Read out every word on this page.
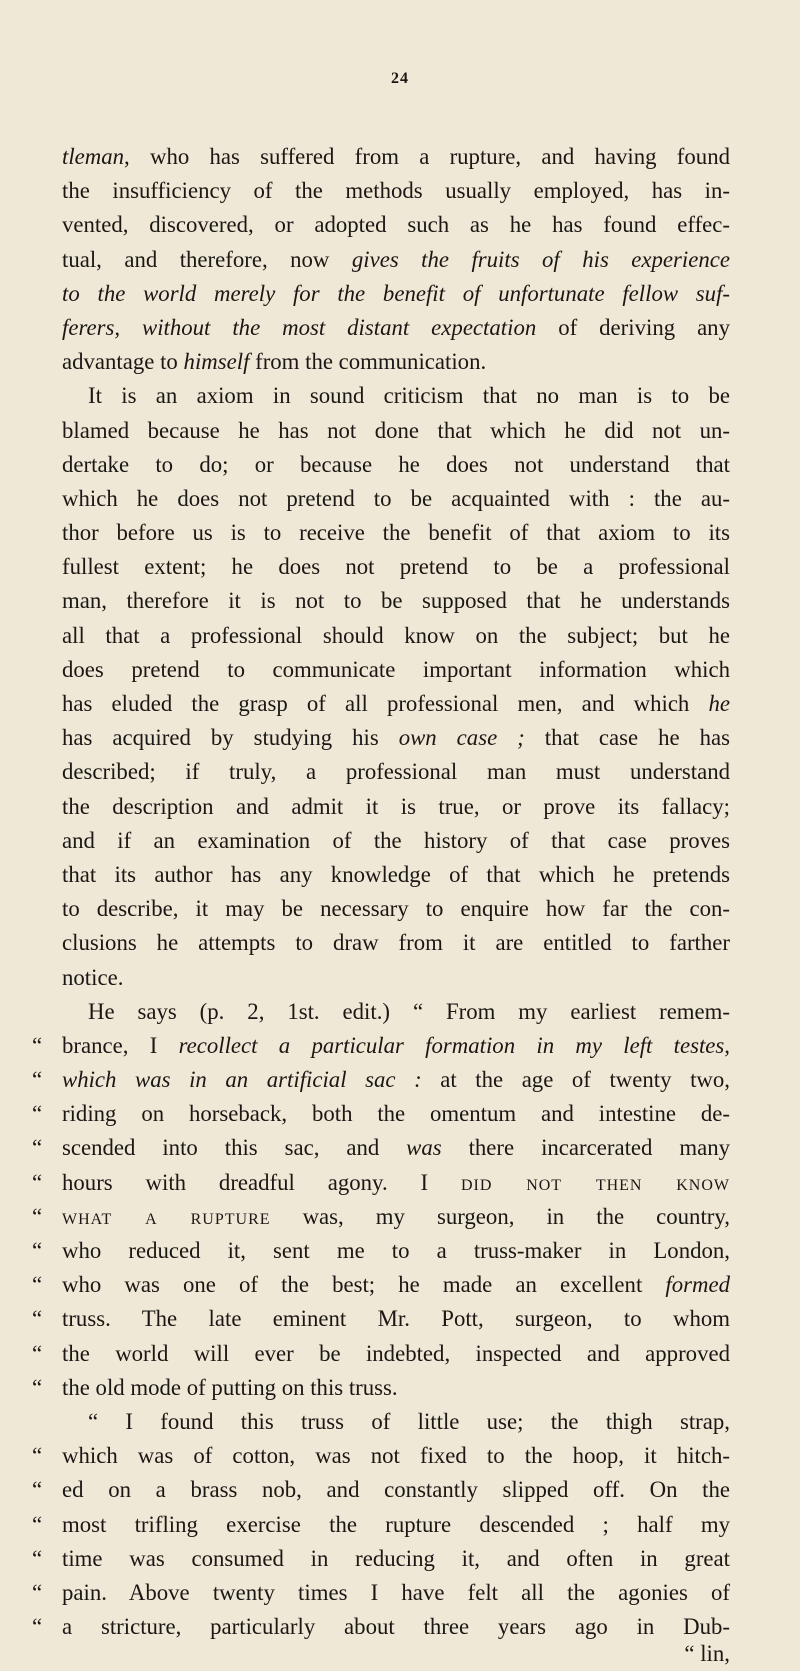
24
tleman, who has suffered from a rupture, and having found
the insufficiency of the methods usually employed, has in-
vented, discovered, or adopted such as he has found effec-
tual, and therefore, now gives the fruits of his experience
to the world merely for the benefit of unfortunate fellow suf-
ferers, without the most distant expectation of deriving any
advantage to himself from the communication.
It is an axiom in sound criticism that no man is to be
blamed because he has not done that which he did not un-
dertake to do; or because he does not understand that
which he does not pretend to be acquainted with : the au-
thor before us is to receive the benefit of that axiom to its
fullest extent; he does not pretend to be a professional
man, therefore it is not to be supposed that he understands
all that a professional should know on the subject; but he
does pretend to communicate important information which
has eluded the grasp of all professional men, and which he
has acquired by studying his own case ; that case he has
described; if truly, a professional man must understand
the description and admit it is true, or prove its fallacy;
and if an examination of the history of that case proves
that its author has any knowledge of that which he pretends
to describe, it may be necessary to enquire how far the con-
clusions he attempts to draw from it are entitled to farther
notice.
He says (p. 2, 1st. edit.) “ From my earliest remem-
“ brance, I recollect a particular formation in my left testes,
“ which was in an artificial sac : at the age of twenty two,
“ riding on horseback, both the omentum and intestine de-
“ scended into this sac, and was there incarcerated many
“ hours with dreadful agony. I did not then know
“ what a rupture was, my surgeon, in the country,
“ who reduced it, sent me to a truss-maker in London,
“ who was one of the best; he made an excellent formed
“ truss. The late eminent Mr. Pott, surgeon, to whom
“ the world will ever be indebted, inspected and approved
“ the old mode of putting on this truss.
“ I found this truss of little use; the thigh strap,
“ which was of cotton, was not fixed to the hoop, it hitch-
“ ed on a brass nob, and constantly slipped off. On the
“ most trifling exercise the rupture descended ; half my
“ time was consumed in reducing it, and often in great
“ pain. Above twenty times I have felt all the agonies of
“ a stricture, particularly about three years ago in Dub-
“ lin,
